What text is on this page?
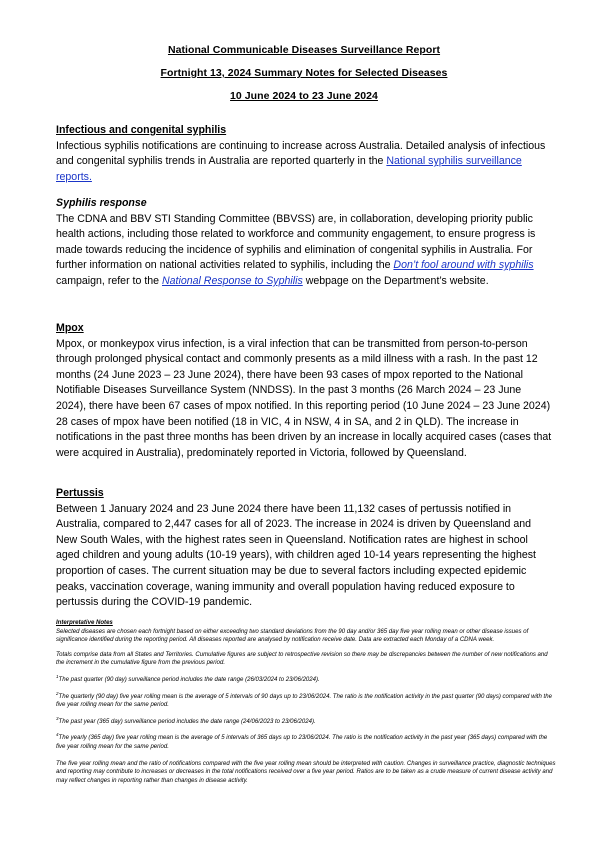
National Communicable Diseases Surveillance Report
Fortnight 13, 2024 Summary Notes for Selected Diseases
10 June 2024 to 23 June 2024
Infectious and congenital syphilis
Infectious syphilis notifications are continuing to increase across Australia. Detailed analysis of infectious and congenital syphilis trends in Australia are reported quarterly in the National syphilis surveillance reports.
Syphilis response
The CDNA and BBV STI Standing Committee (BBVSS) are, in collaboration, developing priority public health actions, including those related to workforce and community engagement, to ensure progress is made towards reducing the incidence of syphilis and elimination of congenital syphilis in Australia. For further information on national activities related to syphilis, including the Don’t fool around with syphilis campaign, refer to the National Response to Syphilis webpage on the Department’s website.
Mpox
Mpox, or monkeypox virus infection, is a viral infection that can be transmitted from person-to-person through prolonged physical contact and commonly presents as a mild illness with a rash. In the past 12 months (24 June 2023 – 23 June 2024), there have been 93 cases of mpox reported to the National Notifiable Diseases Surveillance System (NNDSS). In the past 3 months (26 March 2024 – 23 June 2024), there have been 67 cases of mpox notified. In this reporting period (10 June 2024 – 23 June 2024) 28 cases of mpox have been notified (18 in VIC, 4 in NSW, 4 in SA, and 2 in QLD). The increase in notifications in the past three months has been driven by an increase in locally acquired cases (cases that were acquired in Australia), predominately reported in Victoria, followed by Queensland.
Pertussis
Between 1 January 2024 and 23 June 2024 there have been 11,132 cases of pertussis notified in Australia, compared to 2,447 cases for all of 2023. The increase in 2024 is driven by Queensland and New South Wales, with the highest rates seen in Queensland. Notification rates are highest in school aged children and young adults (10-19 years), with children aged 10-14 years representing the highest proportion of cases. The current situation may be due to several factors including expected epidemic peaks, vaccination coverage, waning immunity and overall population having reduced exposure to pertussis during the COVID-19 pandemic.

Interpretative Notes

Selected diseases are chosen each fortnight based on either exceeding two standard deviations from the 90 day and/or 365 day five year rolling mean or other disease issues of significance identified during the reporting period. All diseases reported are analysed by notification receive date. Data are extracted each Monday of a CDNA week.

Totals comprise data from all States and Territories. Cumulative figures are subject to retrospective revision so there may be discrepancies between the number of new notifications and the increment in the cumulative figure from the previous period.

$^1$The past quarter (90 day) surveillance period includes the date range (26/03/2024 to 23/06/2024).

$^2$The quarterly (90 day) five year rolling mean is the average of 5 intervals of 90 days up to 23/06/2024. The ratio is the notification activity in the past quarter (90 days) compared with the five year rolling mean for the same period.

$^3$The past year (365 day) surveillance period includes the date range (24/06/2023 to 23/06/2024).

$^4$The yearly (365 day) five year rolling mean is the average of 5 intervals of 365 days up to 23/06/2024. The ratio is the notification activity in the past year (365 days) compared with the five year rolling mean for the same period.

The five year rolling mean and the ratio of notifications compared with the five year rolling mean should be interpreted with caution. Changes in surveillance practice, diagnostic techniques and reporting may contribute to increases or decreases in the total notifications received over a five year period. Ratios are to be taken as a crude measure of current disease activity and may reflect changes in reporting rather than changes in disease activity.
